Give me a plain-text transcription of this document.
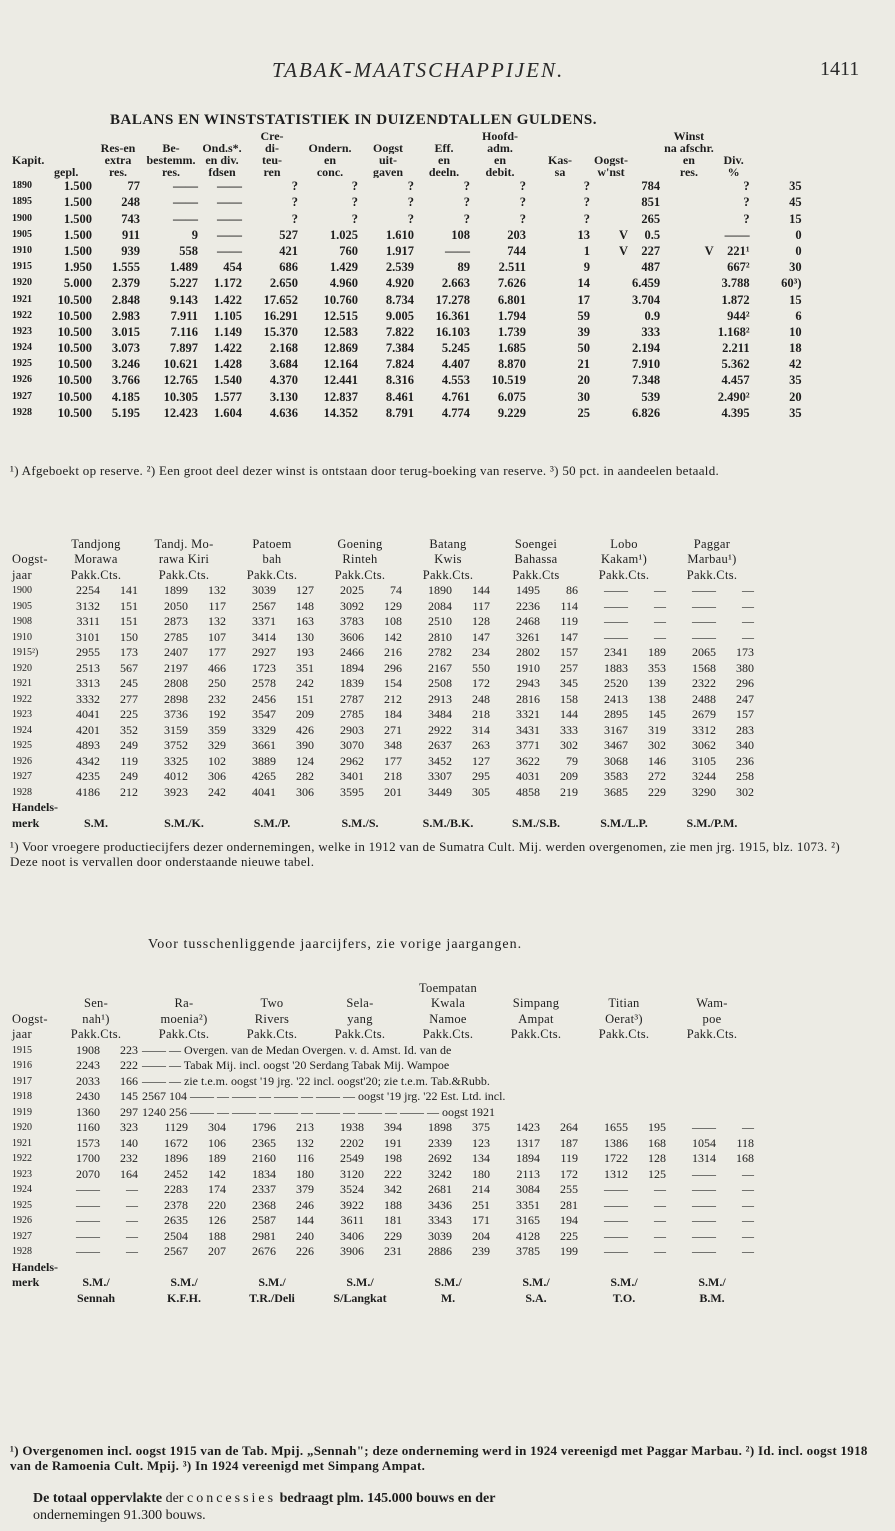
TABAK-MAATSCHAPPIJEN.	1411
BALANS EN WINSTSTATISTIEK IN DUIZENDTALLEN GULDENS.
					Cre-				Hoofd-				Winst			
		Res-en	Be-	Ond.s*.	di-	Ondern.	Oogst	Eff.	adm.				na afschr.			
Kapit.		extra	bestemm.	en div.	teu-	en	uit-	en	en	Kas-	Oogst-		en	Div.		
	gepl.	res.	res.	fdsen	ren	conc.	gaven	deeln.	debit.	sa	w'nst		res.	%		
1890	1.500	77	——	——	?	?	?	?	?	?		784		?	35	
1895	1.500	248	——	——	?	?	?	?	?	?		851		?	45	
1900	1.500	743	——	——	?	?	?	?	?	?		265		?	15	
1905	1.500	911	9	——	527	1.025	1.610	108	203	13	V	0.5		——	0	
1910	1.500	939	558	——	421	760	1.917	——	744	1	V	227	V	221¹	0	
1915	1.950	1.555	1.489	454	686	1.429	2.539	89	2.511	9		487		667²	30	
1920	5.000	2.379	5.227	1.172	2.650	4.960	4.920	2.663	7.626	14		6.459		3.788	60³)	
1921	10.500	2.848	9.143	1.422	17.652	10.760	8.734	17.278	6.801	17		3.704		1.872	15	
1922	10.500	2.983	7.911	1.105	16.291	12.515	9.005	16.361	1.794	59		0.9		944²	6	
1923	10.500	3.015	7.116	1.149	15.370	12.583	7.822	16.103	1.739	39		333		1.168²	10	
1924	10.500	3.073	7.897	1.422	2.168	12.869	7.384	5.245	1.685	50		2.194		2.211	18	
1925	10.500	3.246	10.621	1.428	3.684	12.164	7.824	4.407	8.870	21		7.910		5.362	42	
1926	10.500	3.766	12.765	1.540	4.370	12.441	8.316	4.553	10.519	20		7.348		4.457	35	
1927	10.500	4.185	10.305	1.577	3.130	12.837	8.461	4.761	6.075	30		539		2.490²	20	
1928	10.500	5.195	12.423	1.604	4.636	14.352	8.791	4.774	9.229	25		6.826		4.395	35	
¹) Afgeboekt op reserve. ²) Een groot deel dezer winst is ontstaan door terug-boeking van reserve. ³) 50 pct. in aandeelen betaald.
	Tandjong		Tandj. Mo-		Patoem		Goening		Batang		Soengei		Lobo		Paggar	
Oogst-	Morawa		rawa Kiri		bah		Rinteh		Kwis		Bahassa		Kakam¹)		Marbau¹)	
jaar	Pakk.Cts.		Pakk.Cts.		Pakk.Cts.		Pakk.Cts.		Pakk.Cts.		Pakk.Cts		Pakk.Cts.		Pakk.Cts.	
1900	2254	141	1899	132	3039	127	2025	74	1890	144	1495	86	——	—	——	—
1905	3132	151	2050	117	2567	148	3092	129	2084	117	2236	114	——	—	——	—
1908	3311	151	2873	132	3371	163	3783	108	2510	128	2468	119	——	—	——	—
1910	3101	150	2785	107	3414	130	3606	142	2810	147	3261	147	——	—	——	—
1915²)	2955	173	2407	177	2927	193	2466	216	2782	234	2802	157	2341	189	2065	173
1920	2513	567	2197	466	1723	351	1894	296	2167	550	1910	257	1883	353	1568	380
1921	3313	245	2808	250	2578	242	1839	154	2508	172	2943	345	2520	139	2322	296
1922	3332	277	2898	232	2456	151	2787	212	2913	248	2816	158	2413	138	2488	247
1923	4041	225	3736	192	3547	209	2785	184	3484	218	3321	144	2895	145	2679	157
1924	4201	352	3159	359	3329	426	2903	271	2922	314	3431	333	3167	319	3312	283
1925	4893	249	3752	329	3661	390	3070	348	2637	263	3771	302	3467	302	3062	340
1926	4342	119	3325	102	3889	124	2962	177	3452	127	3622	79	3068	146	3105	236
1927	4235	249	4012	306	4265	282	3401	218	3307	295	4031	209	3583	272	3244	258
1928	4186	212	3923	242	4041	306	3595	201	3449	305	4858	219	3685	229	3290	302
Handels-																
merk	S.M.		S.M./K.		S.M./P.		S.M./S.		S.M./B.K.		S.M./S.B.		S.M./L.P.		S.M./P.M.	
¹) Voor vroegere productiecijfers dezer ondernemingen, welke in 1912 van de Sumatra Cult. Mij. werden overgenomen, zie men jrg. 1915, blz. 1073. ²) Deze noot is vervallen door onderstaande nieuwe tabel.
Voor tusschenliggende jaarcijfers, zie vorige jaargangen.
									Toempatan							
	Sen-		Ra-		Two		Sela-		Kwala		Simpang		Titian		Wam-	
Oogst-	nah¹)		moenia²)		Rivers		yang		Namoe		Ampat		Oerat³)		poe	
jaar	Pakk.Cts.		Pakk.Cts.		Pakk.Cts.		Pakk.Cts.		Pakk.Cts.		Pakk.Cts.		Pakk.Cts.		Pakk.Cts.	
1915	1908	223	—— — Overgen. van de Medan Overgen. v. d. Amst. Id. van de													
1916	2243	222	—— — Tabak Mij. incl. oogst '20 Serdang Tabak Mij. Wampoe													
1917	2033	166	—— — zie t.e.m. oogst '19 jrg. '22 incl. oogst'20; zie t.e.m. Tab.&Rubb.													
1918	2430	145	2567 104 —— — —— — —— — —— — oogst '19 jrg. '22 Est. Ltd. incl.													
1919	1360	297	1240 256 —— — —— — —— — —— — —— — —— — oogst 1921													
1920	1160	323	1129	304	1796	213	1938	394	1898	375	1423	264	1655	195	——	—
1921	1573	140	1672	106	2365	132	2202	191	2339	123	1317	187	1386	168	1054	118
1922	1700	232	1896	189	2160	116	2549	198	2692	134	1894	119	1722	128	1314	168
1923	2070	164	2452	142	1834	180	3120	222	3242	180	2113	172	1312	125	——	—
1924	——	—	2283	174	2337	379	3524	342	2681	214	3084	255	——	—	——	—
1925	——	—	2378	220	2368	246	3922	188	3436	251	3351	281	——	—	——	—
1926	——	—	2635	126	2587	144	3611	181	3343	171	3165	194	——	—	——	—
1927	——	—	2504	188	2981	240	3406	229	3039	204	4128	225	——	—	——	—
1928	——	—	2567	207	2676	226	3906	231	2886	239	3785	199	——	—	——	—
Handels-																
merk	S.M./		S.M./		S.M./		S.M./		S.M./		S.M./		S.M./		S.M./	
	Sennah		K.F.H.		T.R./Deli		S/Langkat		M.		S.A.		T.O.		B.M.	
¹) Overgenomen incl. oogst 1915 van de Tab. Mpij. „Sennah"; deze onderneming werd in 1924 vereenigd met Paggar Marbau. ²) Id. incl. oogst 1918 van de Ramoenia Cult. Mpij. ³) In 1924 vereenigd met Simpang Ampat.
De totaal oppervlakte der concessies bedraagt plm. 145.000 bouws en der
ondernemingen 91.300 bouws.
